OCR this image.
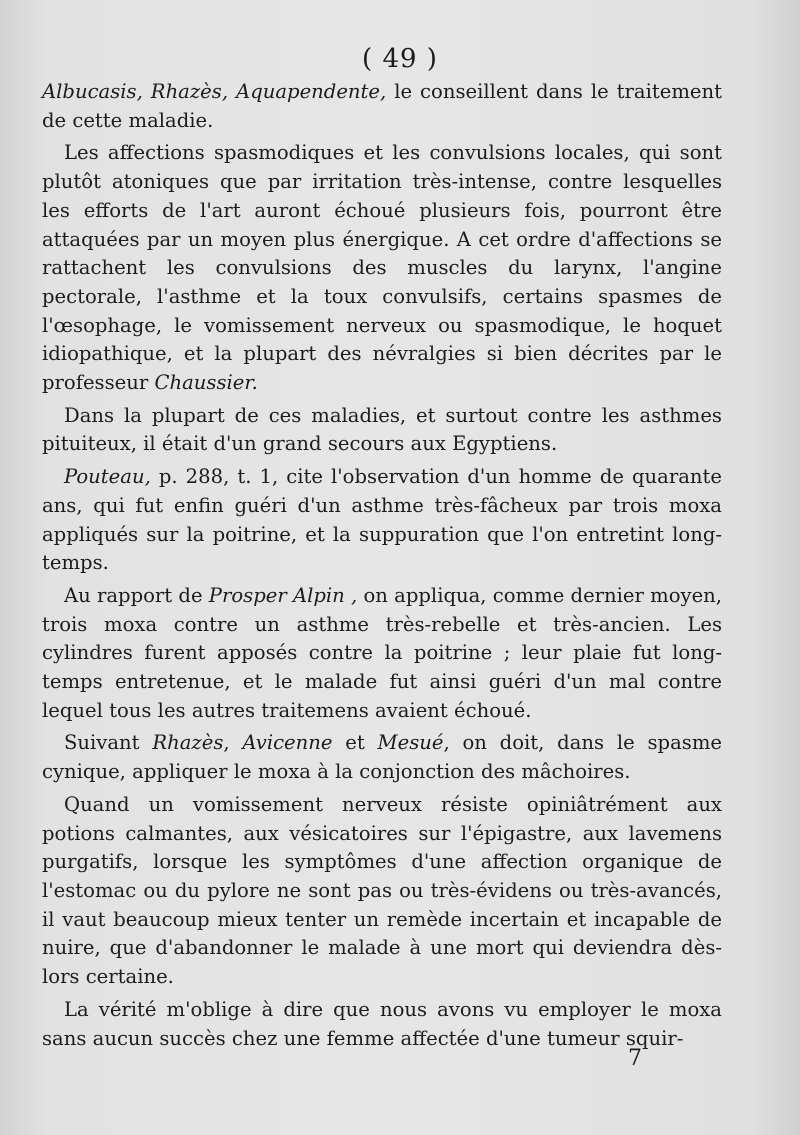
( 49 )

Albucasis, Rhazès, Aquapendente, le conseillent dans le traitement de cette maladie.

Les affections spasmodiques et les convulsions locales, qui sont plutôt atoniques que par irritation très-intense, contre lesquelles les efforts de l'art auront échoué plusieurs fois, pourront être attaquées par un moyen plus énergique. A cet ordre d'affections se rattachent les convulsions des muscles du larynx, l'angine pectorale, l'asthme et la toux convulsifs, certains spasmes de l'œsophage, le vomissement nerveux ou spasmodique, le hoquet idiopathique, et la plupart des névralgies si bien décrites par le professeur Chaussier.

Dans la plupart de ces maladies, et surtout contre les asthmes pituiteux, il était d'un grand secours aux Egyptiens.

Pouteau, p. 288, t. 1, cite l'observation d'un homme de quarante ans, qui fut enfin guéri d'un asthme très-fâcheux par trois moxa appliqués sur la poitrine, et la suppuration que l'on entretint long-temps.

Au rapport de Prosper Alpin , on appliqua, comme dernier moyen, trois moxa contre un asthme très-rebelle et très-ancien. Les cylindres furent apposés contre la poitrine ; leur plaie fut long-temps entretenue, et le malade fut ainsi guéri d'un mal contre lequel tous les autres traitemens avaient échoué.

Suivant Rhazès, Avicenne et Mesué, on doit, dans le spasme cynique, appliquer le moxa à la conjonction des mâchoires.

Quand un vomissement nerveux résiste opiniâtrément aux potions calmantes, aux vésicatoires sur l'épigastre, aux lavemens purgatifs, lorsque les symptômes d'une affection organique de l'estomac ou du pylore ne sont pas ou très-évidens ou très-avancés, il vaut beaucoup mieux tenter un remède incertain et incapable de nuire, que d'abandonner le malade à une mort qui deviendra dès-lors certaine.

La vérité m'oblige à dire que nous avons vu employer le moxa sans aucun succès chez une femme affectée d'une tumeur squir-

7
